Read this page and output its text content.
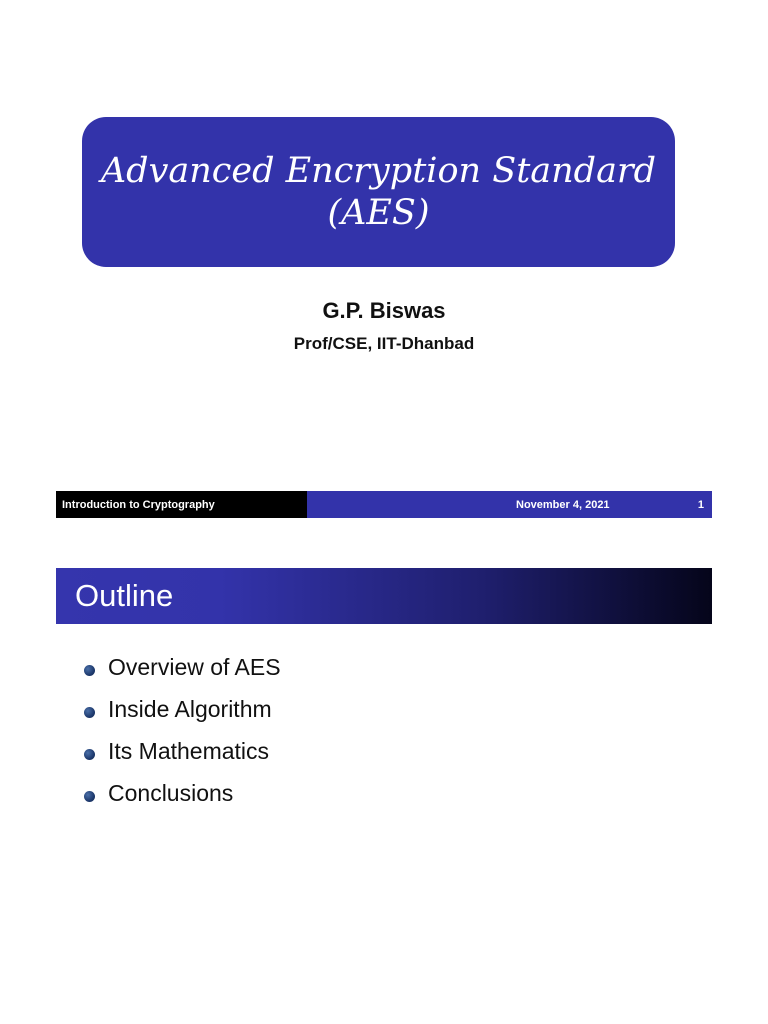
Advanced Encryption Standard
(AES)
G.P. Biswas
Prof/CSE, IIT-Dhanbad
Introduction to Cryptography	November 4, 2021	1
Outline
Overview of AES
Inside Algorithm
Its Mathematics
Conclusions
